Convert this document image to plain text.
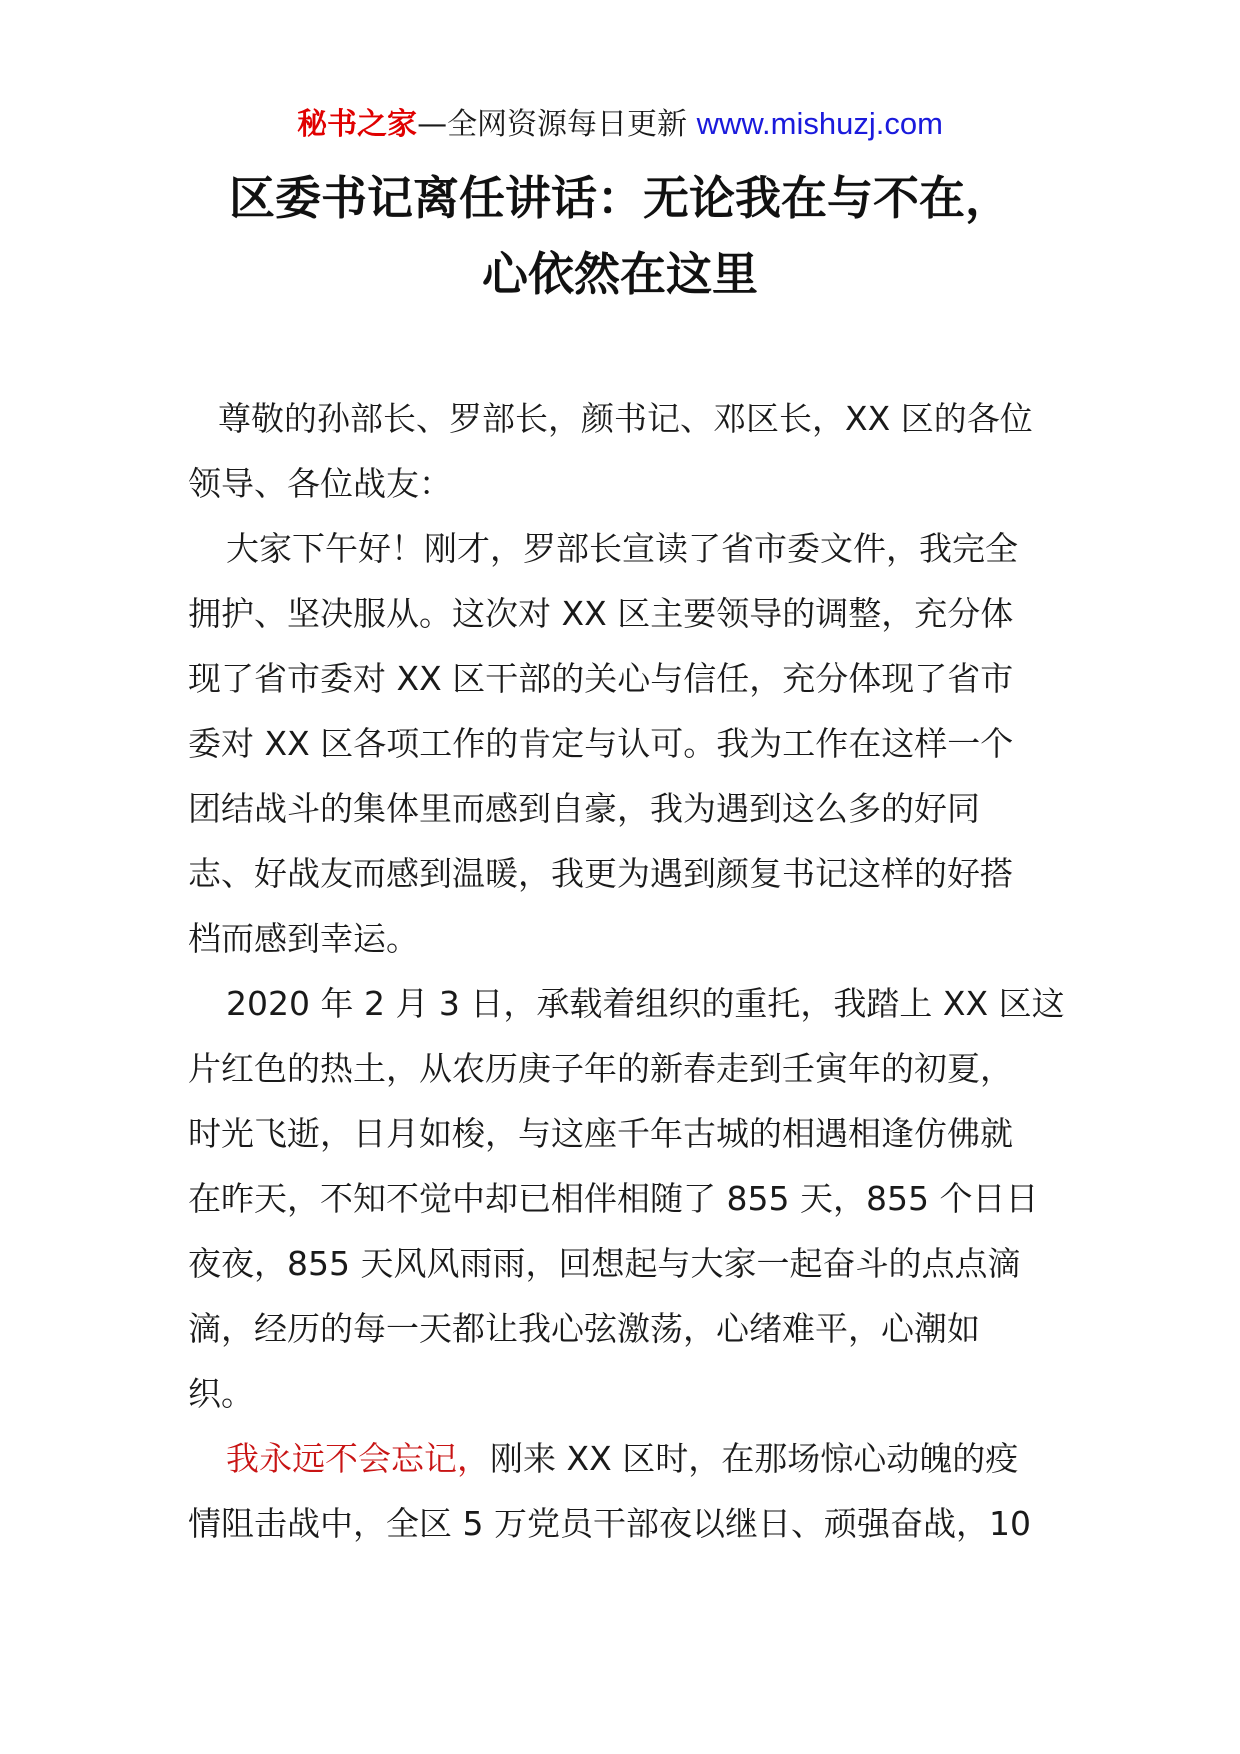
秘书之家—全网资源每日更新 www.mishuzj.com
区委书记离任讲话：无论我在与不在，
心依然在这里
尊敬的孙部长、罗部长，颜书记、邓区长，XX 区的各位
领导、各位战友：
大家下午好！刚才，罗部长宣读了省市委文件，我完全
拥护、坚决服从。这次对 XX 区主要领导的调整，充分体
现了省市委对 XX 区干部的关心与信任，充分体现了省市
委对 XX 区各项工作的肯定与认可。我为工作在这样一个
团结战斗的集体里而感到自豪，我为遇到这么多的好同
志、好战友而感到温暖，我更为遇到颜复书记这样的好搭
档而感到幸运。
2020 年 2 月 3 日，承载着组织的重托，我踏上 XX 区这
片红色的热土，从农历庚子年的新春走到壬寅年的初夏，
时光飞逝，日月如梭，与这座千年古城的相遇相逢仿佛就
在昨天，不知不觉中却已相伴相随了 855 天，855 个日日
夜夜，855 天风风雨雨，回想起与大家一起奋斗的点点滴
滴，经历的每一天都让我心弦激荡，心绪难平，心潮如
织。
我永远不会忘记，刚来 XX 区时，在那场惊心动魄的疫
情阻击战中，全区 5 万党员干部夜以继日、顽强奋战，10
